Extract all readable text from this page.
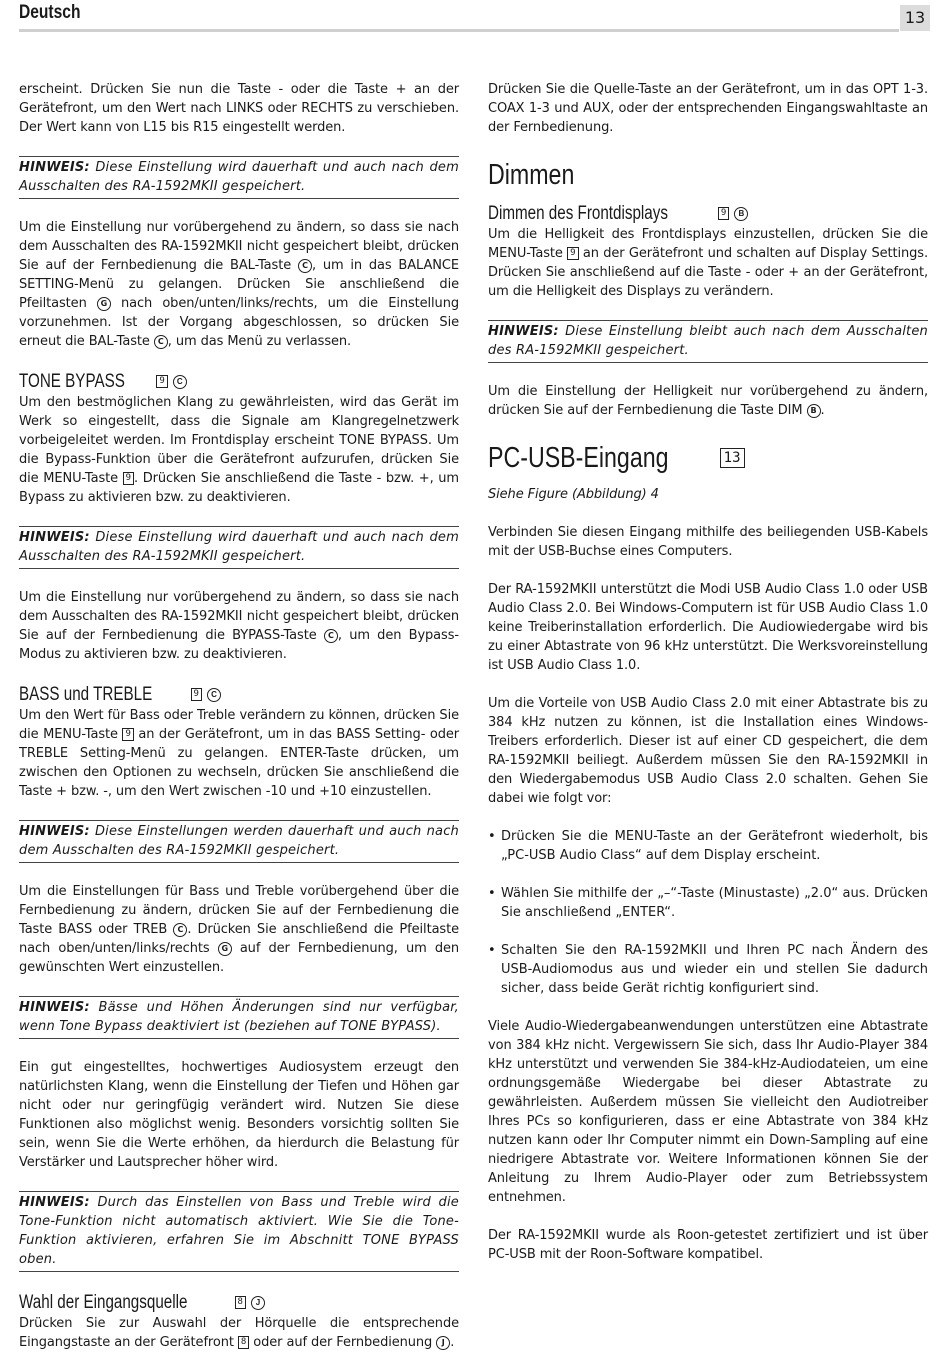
Deutsch	13

erscheint. Drücken Sie nun die Taste - oder die Taste + an der Gerätefront, um den Wert nach LINKS oder RECHTS zu verschieben. Der Wert kann von L15 bis R15 eingestellt werden.

HINWEIS: Diese Einstellung wird dauerhaft und auch nach dem Ausschalten des RA-1592MKII gespeichert.

Um die Einstellung nur vorübergehend zu ändern, so dass sie nach dem Ausschalten des RA-1592MKII nicht gespeichert bleibt, drücken Sie auf der Fernbedienung die BAL-Taste C , um in das BALANCE SETTING-Menü zu gelangen. Drücken Sie anschließend die Pfeiltasten G nach oben/unten/links/rechts, um die Einstellung vorzunehmen. Ist der Vorgang abgeschlossen, so drücken Sie erneut die BAL-Taste C , um das Menü zu verlassen.

TONE BYPASS	9	C

Um den bestmöglichen Klang zu gewährleisten, wird das Gerät im Werk so eingestellt, dass die Signale am Klangregelnetzwerk vorbeigeleitet werden. Im Frontdisplay erscheint TONE BYPASS. Um die Bypass-Funktion über die Gerätefront aufzurufen, drücken Sie die MENU-Taste 9 . Drücken Sie anschließend die Taste - bzw. +, um Bypass zu aktivieren bzw. zu deaktivieren.

HINWEIS: Diese Einstellung wird dauerhaft und auch nach dem Ausschalten des RA-1592MKII gespeichert.

Um die Einstellung nur vorübergehend zu ändern, so dass sie nach dem Ausschalten des RA-1592MKII nicht gespeichert bleibt, drücken Sie auf der Fernbedienung die BYPASS-Taste C , um den Bypass-Modus zu aktivieren bzw. zu deaktivieren.

BASS und TREBLE	9	C

Um den Wert für Bass oder Treble verändern zu können, drücken Sie die MENU-Taste 9 an der Gerätefront, um in das BASS Setting- oder TREBLE Setting-Menü zu gelangen. ENTER-Taste drücken, um zwischen den Optionen zu wechseln, drücken Sie anschließend die Taste + bzw. -, um den Wert zwischen -10 und +10 einzustellen.

HINWEIS: Diese Einstellungen werden dauerhaft und auch nach dem Ausschalten des RA-1592MKII gespeichert.

Um die Einstellungen für Bass und Treble vorübergehend über die Fernbedienung zu ändern, drücken Sie auf der Fernbedienung die Taste BASS oder TREB C . Drücken Sie anschließend die Pfeiltaste nach oben/unten/links/rechts G auf der Fernbedienung, um den gewünschten Wert einzustellen.

HINWEIS: Bässe und Höhen Änderungen sind nur verfügbar, wenn Tone Bypass deaktiviert ist (beziehen auf TONE BYPASS).

Ein gut eingestelltes, hochwertiges Audiosystem erzeugt den natürlichsten Klang, wenn die Einstellung der Tiefen und Höhen gar nicht oder nur geringfügig verändert wird. Nutzen Sie diese Funktionen also möglichst wenig. Besonders vorsichtig sollten Sie sein, wenn Sie die Werte erhöhen, da hierdurch die Belastung für Verstärker und Lautsprecher höher wird.

HINWEIS: Durch das Einstellen von Bass und Treble wird die Tone-Funktion nicht automatisch aktiviert. Wie Sie die Tone-Funktion aktivieren, erfahren Sie im Abschnitt TONE BYPASS oben.
Wahl der Eingangsquelle	8	J

Drücken Sie zur Auswahl der Hörquelle die entsprechende Eingangstaste an der Gerätefront 8 oder auf der Fernbedienung J .

Drücken Sie die Quelle-Taste an der Gerätefront, um in das OPT 1-3. COAX 1-3 und AUX, oder der entsprechenden Eingangswahltaste an der Fernbedienung.

Dimmen
Dimmen des Frontdisplays	9	B

Um die Helligkeit des Frontdisplays einzustellen, drücken Sie die MENU-Taste 9 an der Gerätefront und schalten auf Display Settings. Drücken Sie anschließend auf die Taste - oder + an der Gerätefront, um die Helligkeit des Displays zu verändern.

HINWEIS: Diese Einstellung bleibt auch nach dem Ausschalten des RA-1592MKII gespeichert.

Um die Einstellung der Helligkeit nur vorübergehend zu ändern, drücken Sie auf der Fernbedienung die Taste DIM B .

PC-USB-Eingang	13

Siehe Figure (Abbildung) 4

Verbinden Sie diesen Eingang mithilfe des beiliegenden USB-Kabels mit der USB-Buchse eines Computers.

Der RA-1592MKII unterstützt die Modi USB Audio Class 1.0 oder USB Audio Class 2.0. Bei Windows-Computern ist für USB Audio Class 1.0 keine Treiberinstallation erforderlich. Die Audiowiedergabe wird bis zu einer Abtastrate von 96 kHz unterstützt. Die Werksvoreinstellung ist USB Audio Class 1.0.

Um die Vorteile von USB Audio Class 2.0 mit einer Abtastrate bis zu 384 kHz nutzen zu können, ist die Installation eines Windows-Treibers erforderlich. Dieser ist auf einer CD gespeichert, die dem RA-1592MKII beiliegt. Außerdem müssen Sie den RA-1592MKII in den Wiedergabemodus USB Audio Class 2.0 schalten. Gehen Sie dabei wie folgt vor:

• Drücken Sie die MENU-Taste an der Gerätefront wiederholt, bis „PC-USB Audio Class“ auf dem Display erscheint.
• Wählen Sie mithilfe der „–“-Taste (Minustaste) „2.0“ aus. Drücken Sie anschließend „ENTER“.
• Schalten Sie den RA-1592MKII und Ihren PC nach Ändern des USB-Audiomodus aus und wieder ein und stellen Sie dadurch sicher, dass beide Gerät richtig konfiguriert sind.

Viele Audio-Wiedergabeanwendungen unterstützen eine Abtastrate von 384 kHz nicht. Vergewissern Sie sich, dass Ihr Audio-Player 384 kHz unterstützt und verwenden Sie 384-kHz-Audiodateien, um eine ordnungsgemäße Wiedergabe bei dieser Abtastrate zu gewährleisten. Außerdem müssen Sie vielleicht den Audiotreiber Ihres PCs so konfigurieren, dass er eine Abtastrate von 384 kHz nutzen kann oder Ihr Computer nimmt ein Down-Sampling auf eine niedrigere Abtastrate vor. Weitere Informationen können Sie der Anleitung zu Ihrem Audio-Player oder zum Betriebssystem entnehmen.

Der RA-1592MKII wurde als Roon-getestet zertifiziert und ist über PC-USB mit der Roon-Software kompatibel.
